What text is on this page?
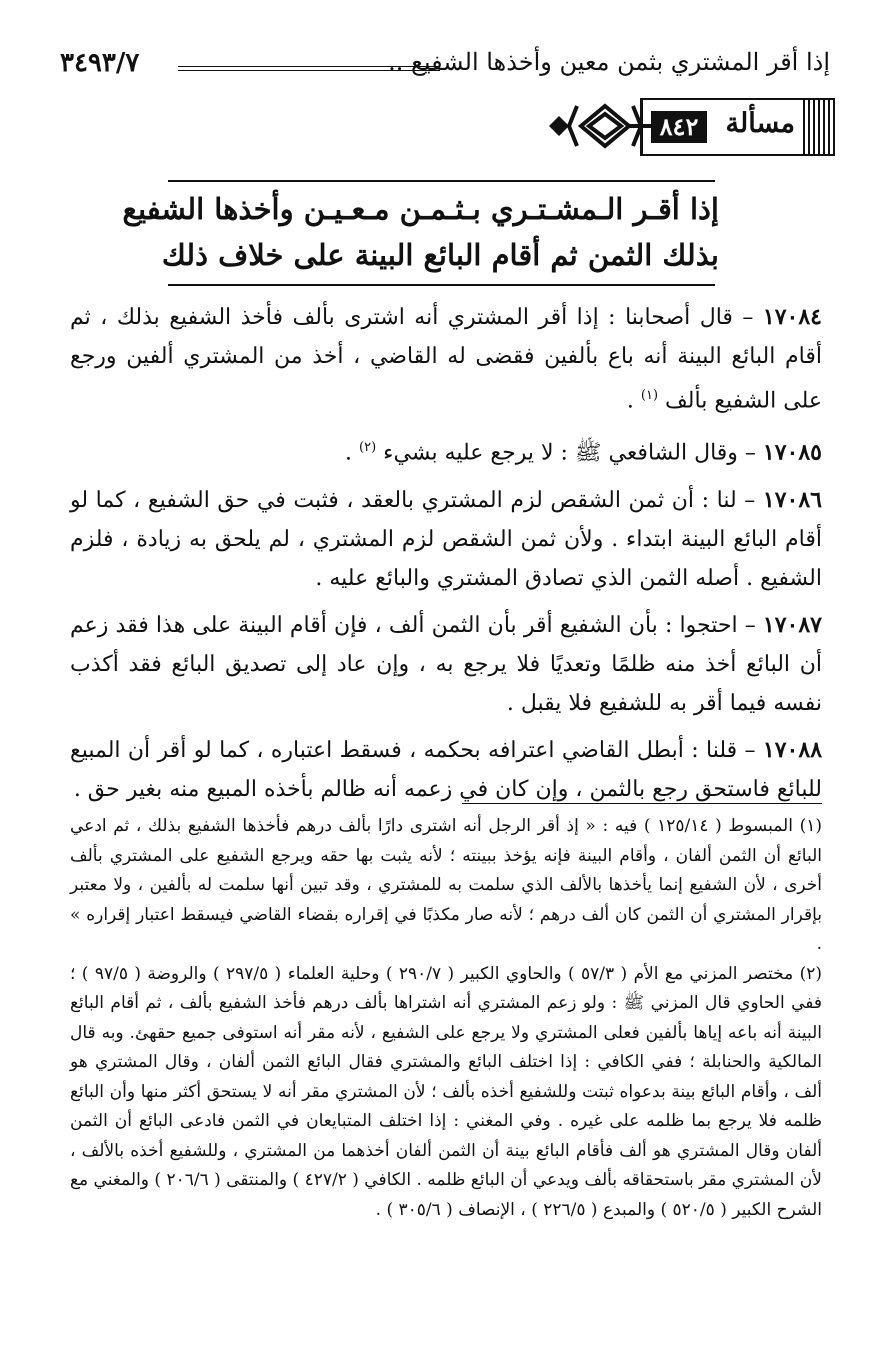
إذا أقر المشتري بثمن معين وأخذها الشفيع ..
٣٤٩٣/٧
مسألة
٨٤٢
إذا أقـر الـمشـتـري بـثـمـن مـعـيـن وأخذها الشفيع
بذلك الثمن ثم أقام البائع البينة على خلاف ذلك

١٧٠٨٤ – قال أصحابنا : إذا أقر المشتري أنه اشترى بألف فأخذ الشفيع بذلك ، ثم أقام البائع البينة أنه باع بألفين فقضى له القاضي ، أخذ من المشتري ألفين ورجع على الشفيع بألف $^{(١)}$ .

١٧٠٨٥ – وقال الشافعي ﷺ : لا يرجع عليه بشيء $^{(٢)}$ .

١٧٠٨٦ – لنا : أن ثمن الشقص لزم المشتري بالعقد ، فثبت في حق الشفيع ، كما لو أقام البائع البينة ابتداء . ولأن ثمن الشقص لزم المشتري ، لم يلحق به زيادة ، فلزم الشفيع . أصله الثمن الذي تصادق المشتري والبائع عليه .

١٧٠٨٧ – احتجوا : بأن الشفيع أقر بأن الثمن ألف ، فإن أقام البينة على هذا فقد زعم أن البائع أخذ منه ظلمًا وتعديًا فلا يرجع به ، وإن عاد إلى تصديق البائع فقد أكذب نفسه فيما أقر به للشفيع فلا يقبل .

١٧٠٨٨ – قلنا : أبطل القاضي اعترافه بحكمه ، فسقط اعتباره ، كما لو أقر أن المبيع للبائع فاستحق رجع بالثمن ، وإن كان في زعمه أنه ظالم بأخذه المبيع منه بغير حق .

(١) المبسوط ( ١٢٥/١٤ ) فيه : « إذ أقر الرجل أنه اشترى دارًا بألف درهم فأخذها الشفيع بذلك ، ثم ادعي البائع أن الثمن ألفان ، وأقام البينة فإنه يؤخذ ببينته ؛ لأنه يثبت بها حقه ويرجع الشفيع على المشتري بألف أخرى ، لأن الشفيع إنما يأخذها بالألف الذي سلمت به للمشتري ، وقد تبين أنها سلمت له بألفين ، ولا معتبر بإقرار المشتري أن الثمن كان ألف درهم ؛ لأنه صار مكذبًا في إقراره بقضاء القاضي فيسقط اعتبار إقراره » .

(٢) مختصر المزني مع الأم ( ٥٧/٣ ) والحاوي الكبير ( ٢٩٠/٧ ) وحلية العلماء ( ٢٩٧/٥ ) والروضة ( ٩٧/٥ ) ؛ ففي الحاوي قال المزني ﷺ : ولو زعم المشتري أنه اشتراها بألف درهم فأخذ الشفيع بألف ، ثم أقام البائع البينة أنه باعه إياها بألفين فعلى المشتري ولا يرجع على الشفيع ، لأنه مقر أنه استوفى جميع حقهئ. وبه قال المالكية والحنابلة ؛ ففي الكافي : إذا اختلف البائع والمشتري فقال البائع الثمن ألفان ، وقال المشتري هو ألف ، وأقام البائع بينة بدعواه ثبتت وللشفيع أخذه بألف ؛ لأن المشتري مقر أنه لا يستحق أكثر منها وأن البائع ظلمه فلا يرجع بما ظلمه على غيره . وفي المغني : إذا اختلف المتبايعان في الثمن فادعى البائع أن الثمن ألفان وقال المشتري هو ألف فأقام البائع بينة أن الثمن ألفان أخذهما من المشتري ، وللشفيع أخذه بالألف ، لأن المشتري مقر باستحقاقه بألف ويدعي أن البائع ظلمه . الكافي ( ٤٢٧/٢ ) والمنتقى ( ٢٠٦/٦ ) والمغني مع الشرح الكبير ( ٥٢٠/٥ ) والمبدع ( ٢٢٦/٥ ) ، الإنصاف ( ٣٠٥/٦ ) .
